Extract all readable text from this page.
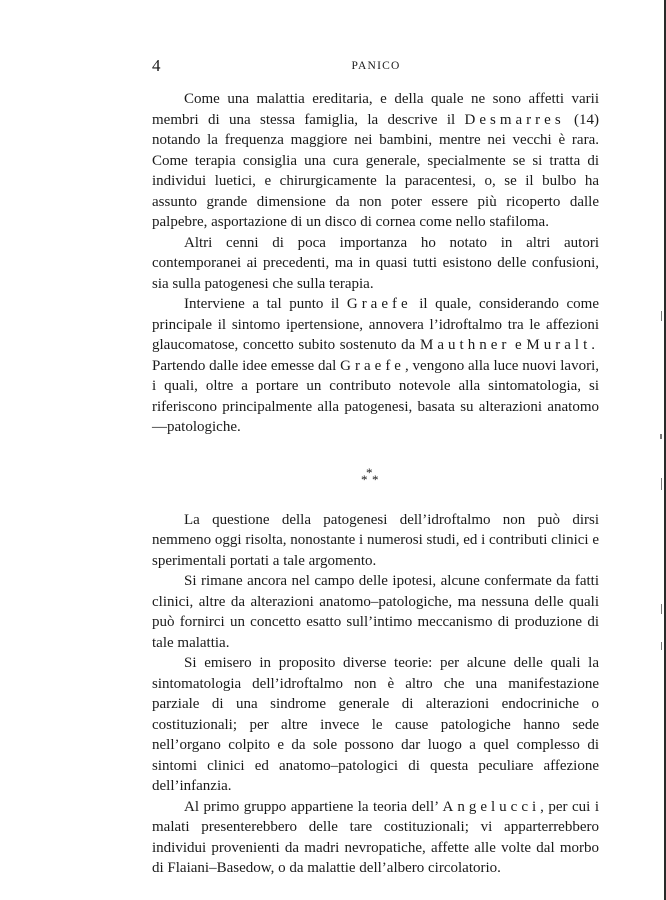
4	PANICO

Come una malattia ereditaria, e della quale ne sono affetti varii membri di una stessa famiglia, la descrive il Desmarres (14) notando la frequenza maggiore nei bambini, mentre nei vecchi è rara. Come terapia consiglia una cura generale, specialmente se si tratta di individui luetici, e chirurgicamente la paracentesi, o, se il bulbo ha assunto grande dimensione da non poter essere più ricoperto dalle palpebre, asportazione di un disco di cornea come nello stafiloma.

Altri cenni di poca importanza ho notato in altri autori contemporanei ai precedenti, ma in quasi tutti esistono delle confusioni, sia sulla patogenesi che sulla terapia.

Interviene a tal punto il Graefe il quale, considerando come principale il sintomo ipertensione, annovera l’idroftalmo tra le affezioni glaucomatose, concetto subito sostenuto da Mauthner e Muralt. Partendo dalle idee emesse dal Graefe, vengono alla luce nuovi lavori, i quali, oltre a portare un contributo notevole alla sintomatologia, si riferiscono principalmente alla patogenesi, basata su alterazioni anatomo—patologiche.

*
* *

La questione della patogenesi dell’idroftalmo non può dirsi nemmeno oggi risolta, nonostante i numerosi studi, ed i contributi clinici e sperimentali portati a tale argomento.

Si rimane ancora nel campo delle ipotesi, alcune confermate da fatti clinici, altre da alterazioni anatomo–patologiche, ma nessuna delle quali può fornirci un concetto esatto sull’intimo meccanismo di produzione di tale malattia.

Si emisero in proposito diverse teorie: per alcune delle quali la sintomatologia dell’idroftalmo non è altro che una manifestazione parziale di una sindrome generale di alterazioni endocriniche o costituzionali; per altre invece le cause patologiche hanno sede nell’organo colpito e da sole possono dar luogo a quel complesso di sintomi clinici ed anatomo–patologici di questa peculiare affezione dell’infanzia.

Al primo gruppo appartiene la teoria dell’ Angelucci, per cui i malati presenterebbero delle tare costituzionali; vi apparterrebbero individui provenienti da madri nevropatiche, affette alle volte dal morbo di Flaiani–Basedow, o da malattie dell’albero circolatorio.
